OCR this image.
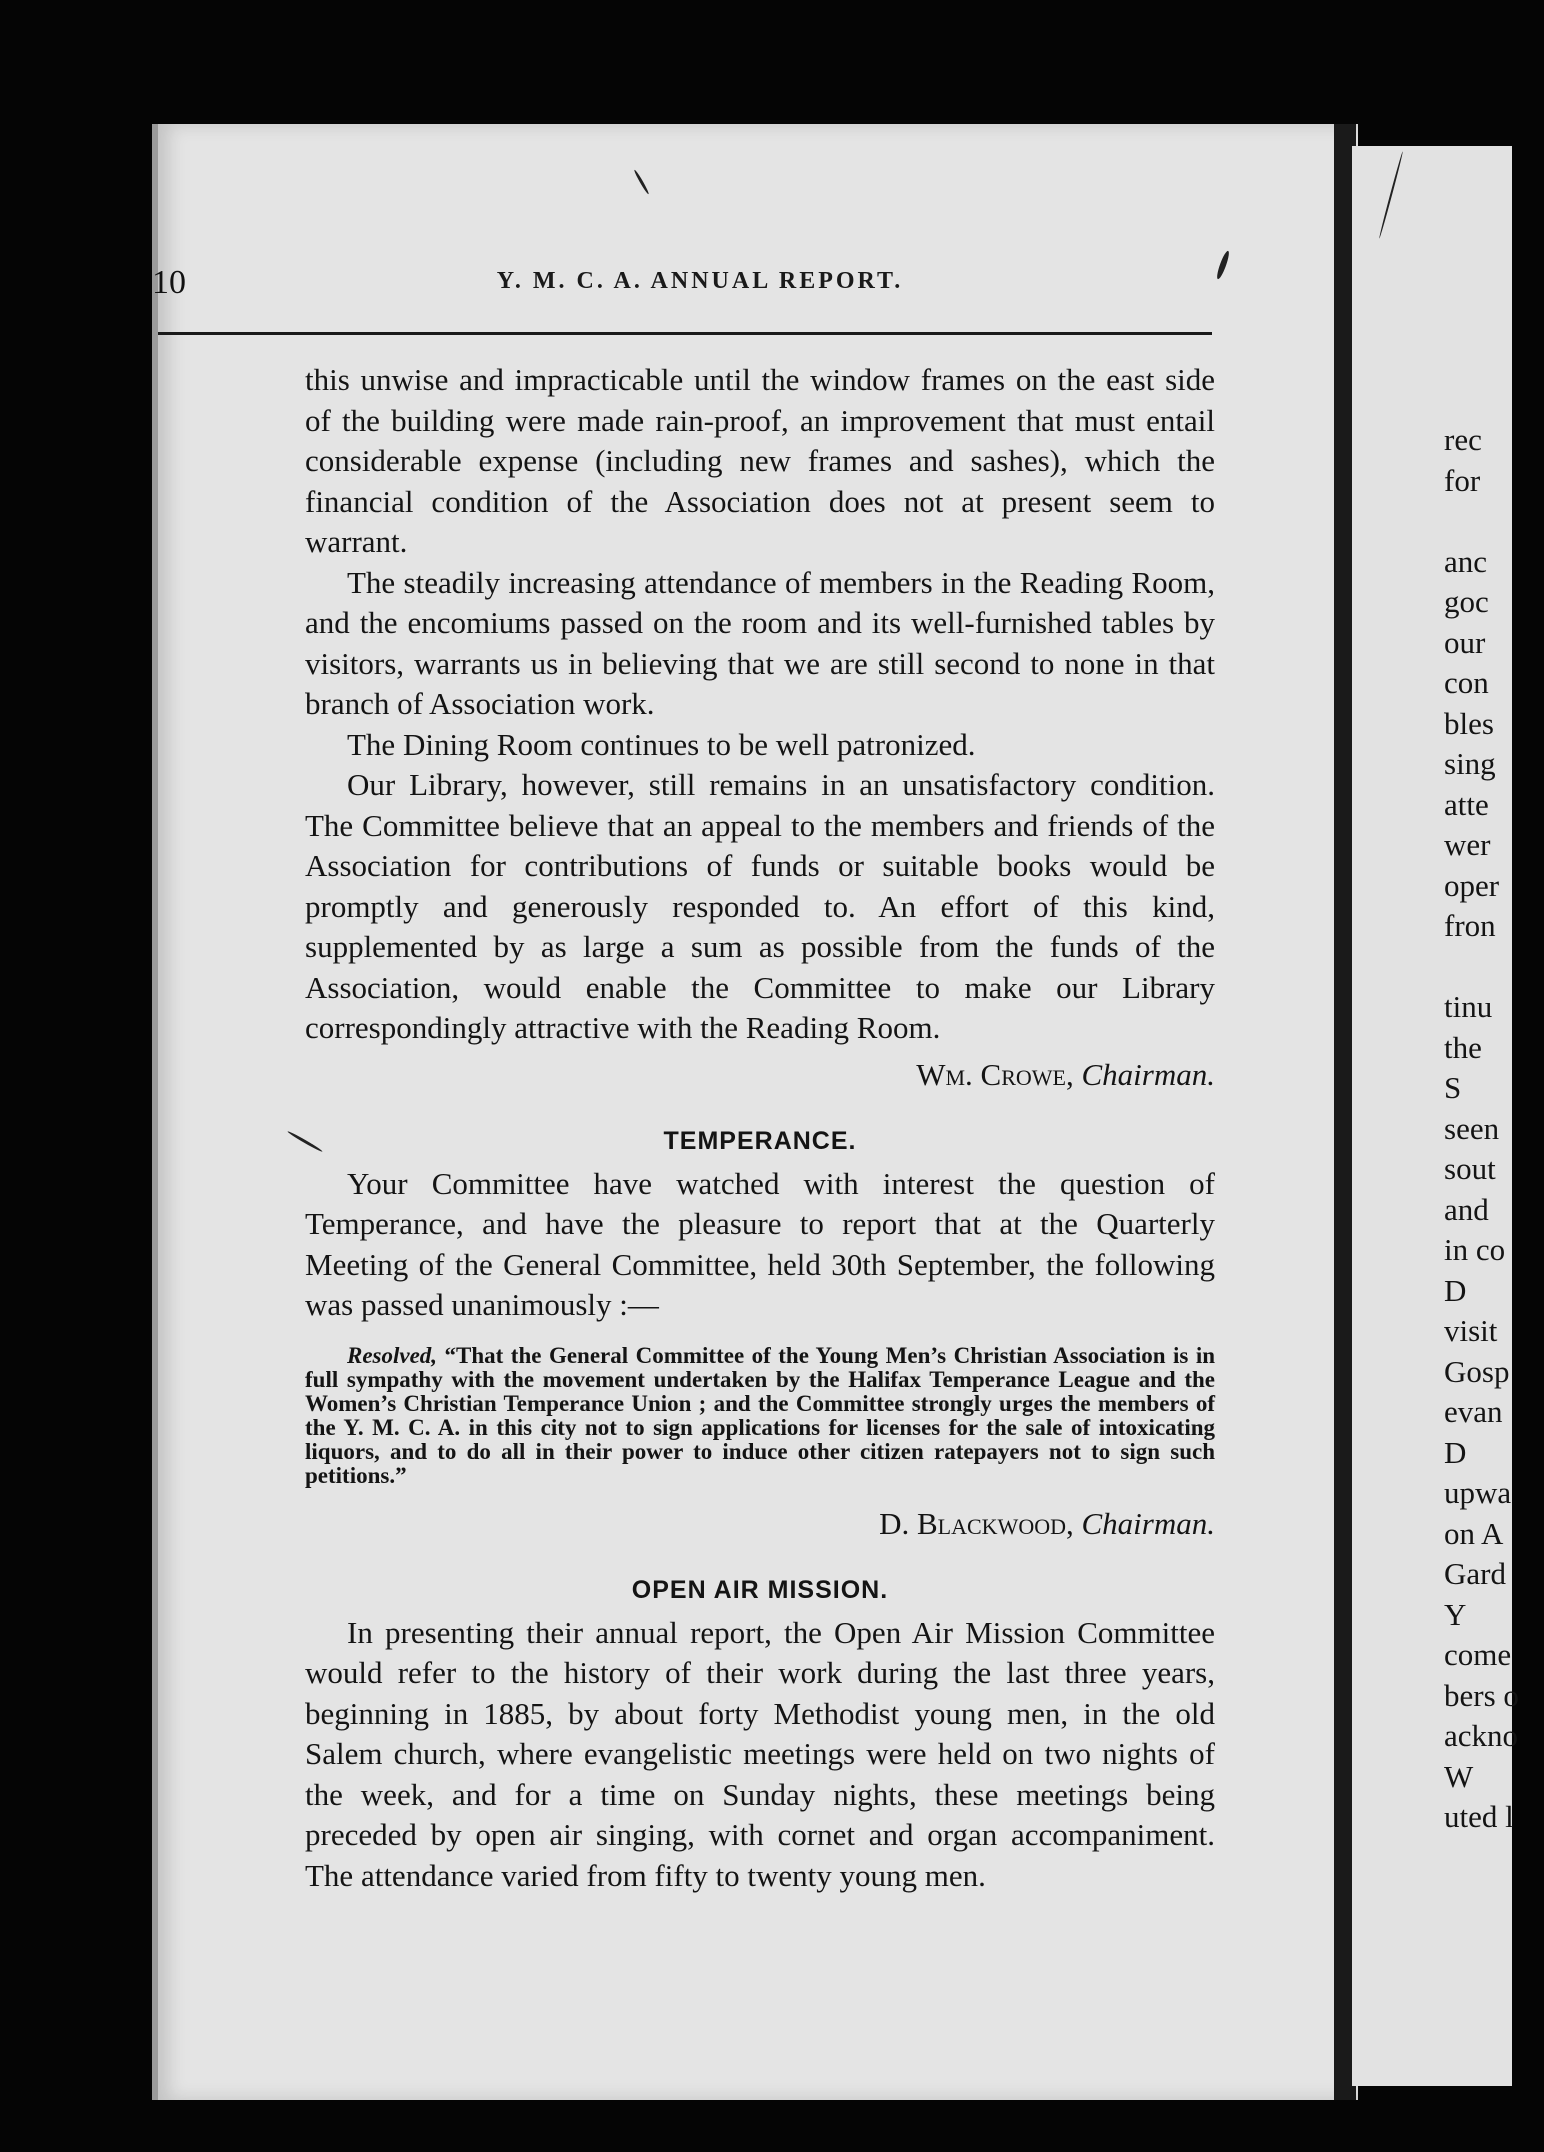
10	Y. M. C. A. ANNUAL REPORT.

this unwise and impracticable until the window frames on the east side of the building were made rain-proof, an improvement that must entail considerable expense (including new frames and sashes), which the financial condition of the Association does not at present seem to warrant.

The steadily increasing attendance of members in the Reading Room, and the encomiums passed on the room and its well-furnished tables by visitors, warrants us in believing that we are still second to none in that branch of Association work.

The Dining Room continues to be well patronized.

Our Library, however, still remains in an unsatisfactory condition. The Committee believe that an appeal to the members and friends of the Association for contributions of funds or suitable books would be promptly and generously responded to. An effort of this kind, supplemented by as large a sum as possible from the funds of the Association, would enable the Committee to make our Library correspondingly attractive with the Reading Room.

Wm. Crowe, Chairman.

TEMPERANCE.

Your Committee have watched with interest the question of Temperance, and have the pleasure to report that at the Quarterly Meeting of the General Committee, held 30th September, the following was passed unanimously :—

Resolved, “That the General Committee of the Young Men’s Christian Association is in full sympathy with the movement undertaken by the Halifax Temperance League and the Women’s Christian Temperance Union ; and the Committee strongly urges the members of the Y. M. C. A. in this city not to sign applications for licenses for the sale of intoxicating liquors, and to do all in their power to induce other citizen ratepayers not to sign such petitions.”

D. Blackwood, Chairman.

OPEN AIR MISSION.

In presenting their annual report, the Open Air Mission Committee would refer to the history of their work during the last three years, beginning in 1885, by about forty Methodist young men, in the old Salem church, where evangelistic meetings were held on two nights of the week, and for a time on Sunday nights, these meetings being preceded by open air singing, with cornet and organ accompaniment. The attendance varied from fifty to twenty young men.

rec
for
anc
goc
our
con
bles
sing
atte
wer
oper
fron
tinu
the
S
seen
sout
and
in co
D
visit
Gosp
evan
D
upwa
on A
Gard
Y
come
bers o
ackno
W
uted l
